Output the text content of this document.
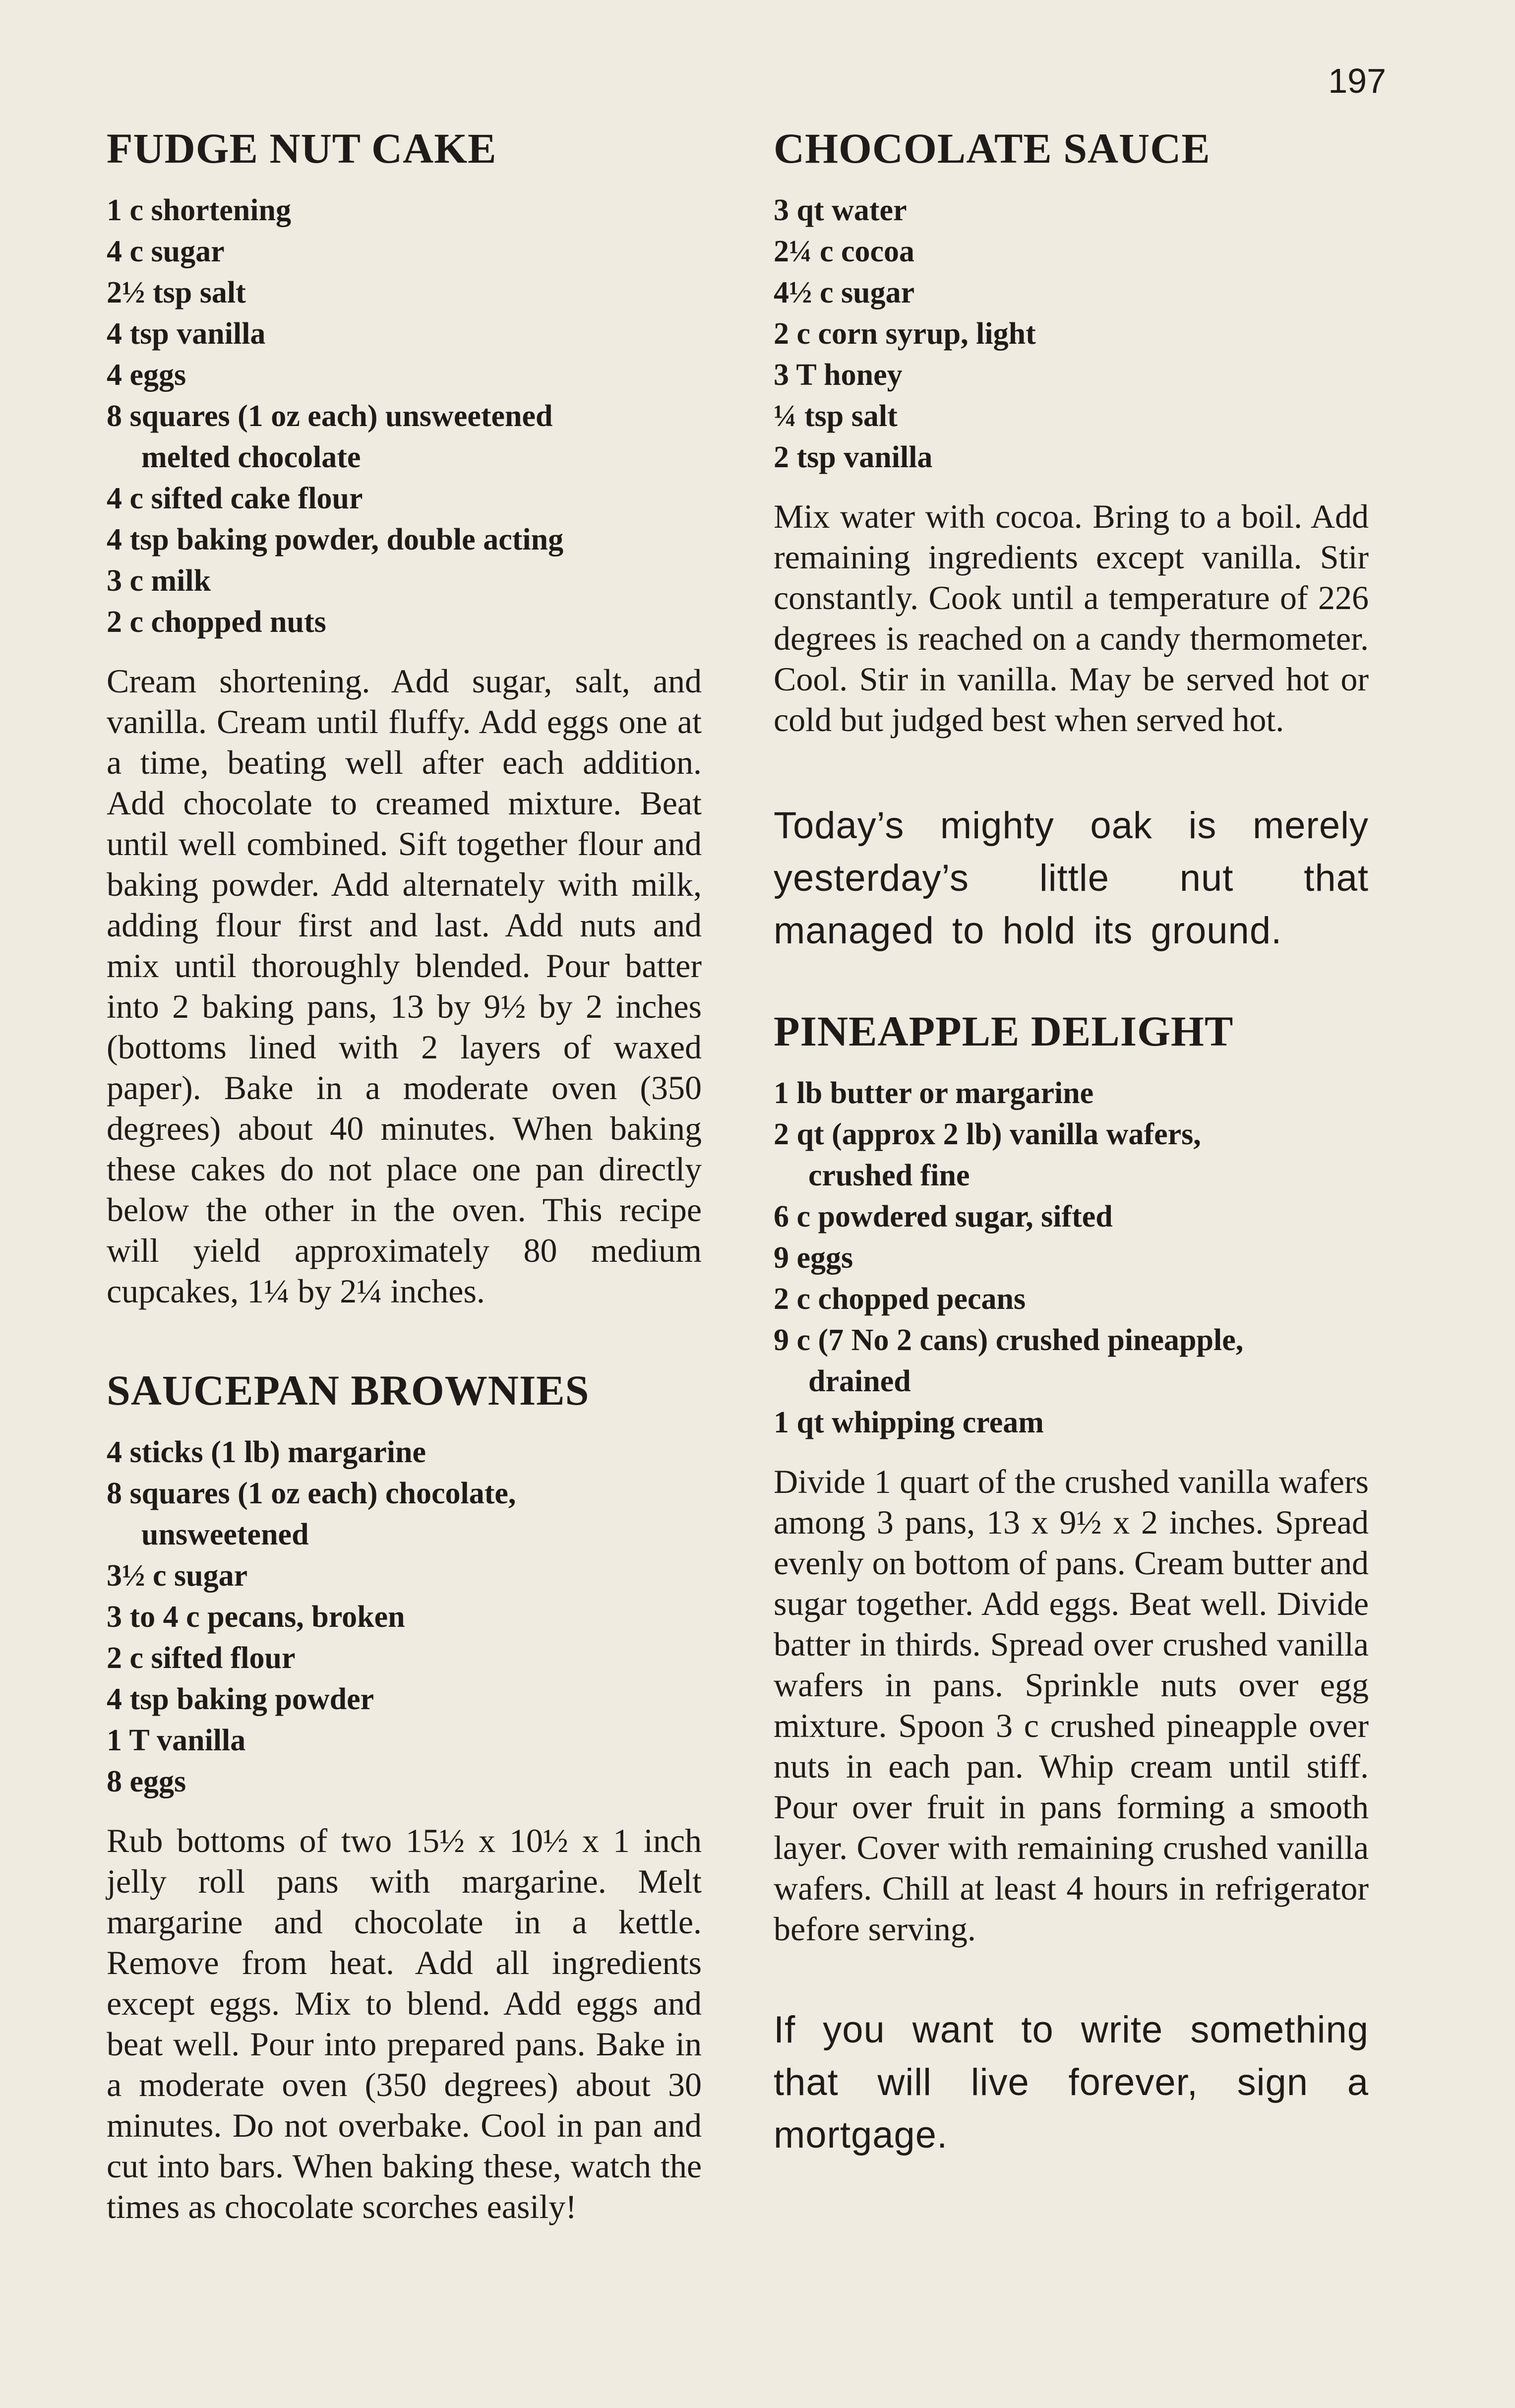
197
FUDGE NUT CAKE
1 c shortening
4 c sugar
2½ tsp salt
4 tsp vanilla
4 eggs
8 squares (1 oz each) unsweetened
melted chocolate
4 c sifted cake flour
4 tsp baking powder, double acting
3 c milk
2 c chopped nuts

Cream shortening. Add sugar, salt, and vanilla. Cream until fluffy. Add eggs one at a time, beating well after each addition. Add chocolate to creamed mixture. Beat until well combined. Sift together flour and baking powder. Add alternately with milk, adding flour first and last. Add nuts and mix until thoroughly blended. Pour batter into 2 baking pans, 13 by 9½ by 2 inches (bottoms lined with 2 layers of waxed paper). Bake in a moderate oven (350 degrees) about 40 minutes. When baking these cakes do not place one pan directly below the other in the oven. This recipe will yield approximately 80 medium cupcakes, 1¼ by 2¼ inches.

SAUCEPAN BROWNIES
4 sticks (1 lb) margarine
8 squares (1 oz each) chocolate,
unsweetened
3½ c sugar
3 to 4 c pecans, broken
2 c sifted flour
4 tsp baking powder
1 T vanilla
8 eggs

Rub bottoms of two 15½ x 10½ x 1 inch jelly roll pans with margarine. Melt margarine and chocolate in a kettle. Remove from heat. Add all ingredients except eggs. Mix to blend. Add eggs and beat well. Pour into prepared pans. Bake in a moderate oven (350 degrees) about 30 minutes. Do not overbake. Cool in pan and cut into bars. When baking these, watch the times as chocolate scorches easily!

CHOCOLATE SAUCE
3 qt water
2¼ c cocoa
4½ c sugar
2 c corn syrup, light
3 T honey
¼ tsp salt
2 tsp vanilla

Mix water with cocoa. Bring to a boil. Add remaining ingredients except vanilla. Stir constantly. Cook until a temperature of 226 degrees is reached on a candy thermometer. Cool. Stir in vanilla. May be served hot or cold but judged best when served hot.

Today’s mighty oak is merely yesterday’s little nut that managed to hold its ground.

PINEAPPLE DELIGHT
1 lb butter or margarine
2 qt (approx 2 lb) vanilla wafers,
crushed fine
6 c powdered sugar, sifted
9 eggs
2 c chopped pecans
9 c (7 No 2 cans) crushed pineapple,
drained
1 qt whipping cream

Divide 1 quart of the crushed vanilla wafers among 3 pans, 13 x 9½ x 2 inches. Spread evenly on bottom of pans. Cream butter and sugar together. Add eggs. Beat well. Divide batter in thirds. Spread over crushed vanilla wafers in pans. Sprinkle nuts over egg mixture. Spoon 3 c crushed pineapple over nuts in each pan. Whip cream until stiff. Pour over fruit in pans forming a smooth layer. Cover with remaining crushed vanilla wafers. Chill at least 4 hours in refrigerator before serving.

If you want to write something that will live forever, sign a mortgage.
